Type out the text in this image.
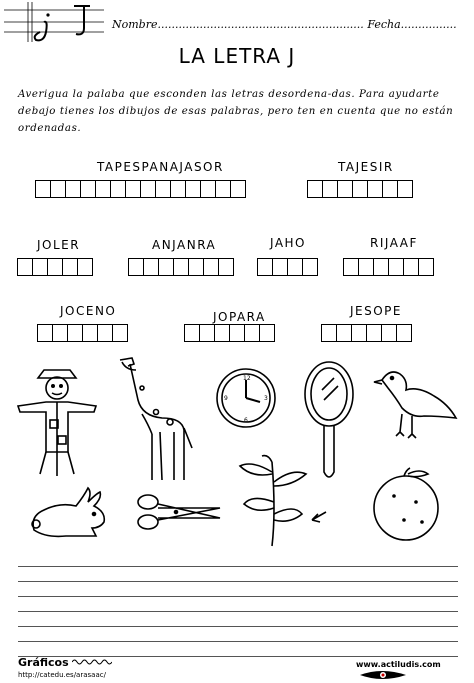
Nombre........................................................... Fecha................
LA LETRA J
Averigua la palaba que esconden las letras desordena-das. Para ayudarte debajo tienes los dibujos de esas palabras, pero ten en cuenta que no están ordenadas.
TAPESPANAJASOR	TAJESIR
JOLER	ANJANRA	JAHO	RIJAAF
JOCENO	JOPARA	JESOPE
12
3
6
9
Gráficos
http://catedu.es/arasaac/
www.actiludis.com
